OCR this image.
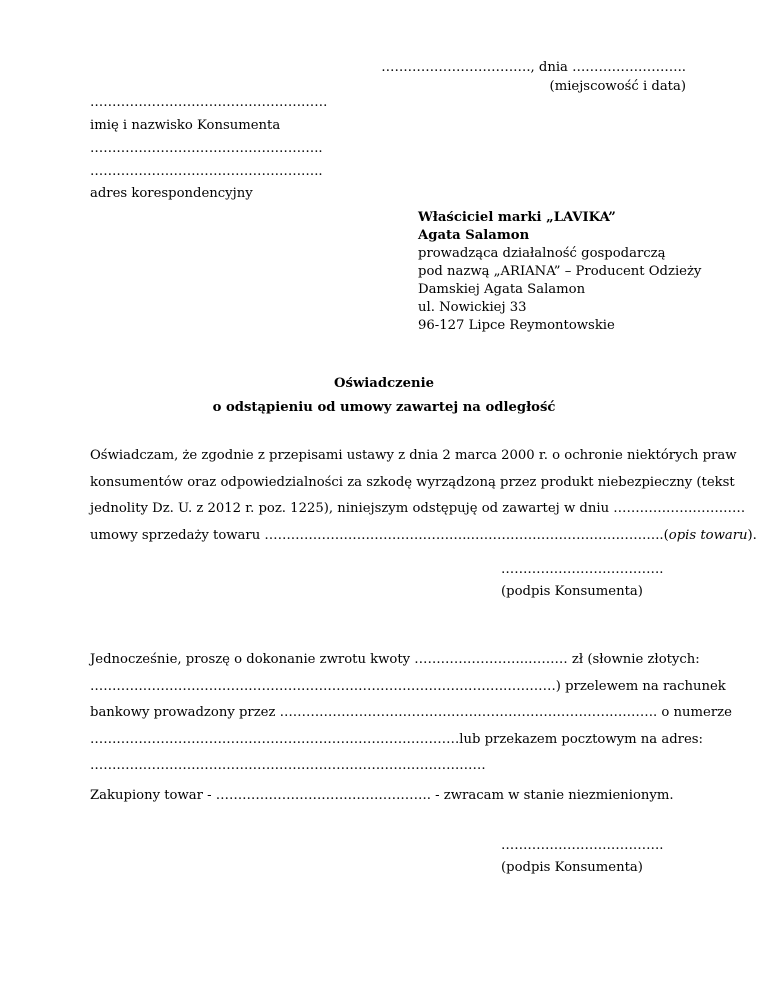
……………………………., dnia ……………………..
(miejscowość i data)
………………………………………………
imię i nazwisko Konsumenta
……………………………………………..
……………………………………………..
adres korespondencyjny
Właściciel marki „LAVIKA”
Agata Salamon
prowadząca działalność gospodarczą
pod nazwą „ARIANA” – Producent Odzieży
Damskiej Agata Salamon
ul. Nowickiej 33
96-127 Lipce Reymontowskie
Oświadczenie
o odstąpieniu od umowy zawartej na odległość
Oświadczam, że zgodnie z przepisami ustawy z dnia 2 marca 2000 r. o ochronie niektórych praw
konsumentów oraz odpowiedzialności za szkodę wyrządzoną przez produkt niebezpieczny (tekst
jednolity Dz. U. z 2012 r. poz. 1225), niniejszym odstępuję od zawartej w dniu …………………………
umowy sprzedaży towaru ………………………………………..……………………………………..(opis towaru).
……………………………….
(podpis Konsumenta)
Jednocześnie, proszę o dokonanie zwrotu kwoty ……………………..……… zł (słownie złotych:
………………………………………………………………………………….…………) przelewem na rachunek
bankowy prowadzony przez ………………………………………………………………….………. o numerze
…………………………………………………………………………lub przekazem pocztowym na adres:
………………………………………………………………………………
Zakupiony towar - …………………………………………. - zwracam w stanie niezmienionym.
……………………………….
(podpis Konsumenta)
